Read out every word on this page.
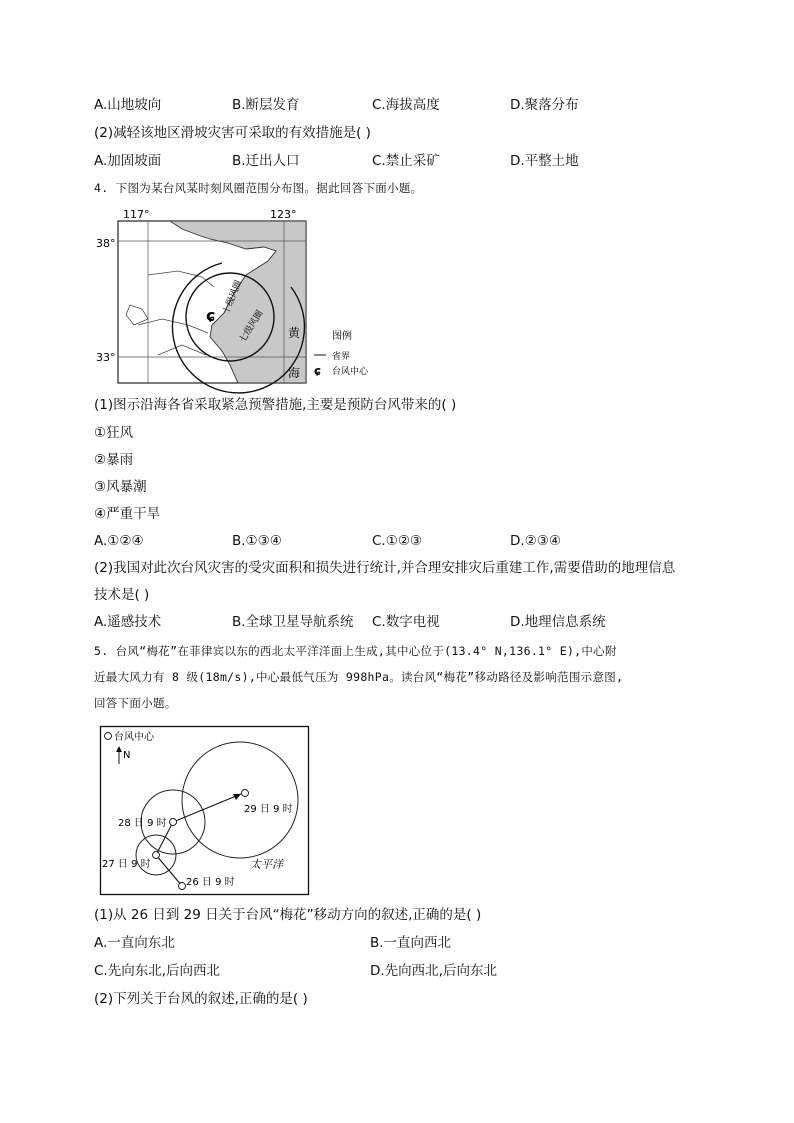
A.山地坡向	B.断层发育	C.海拔高度	D.聚落分布
(2)减轻该地区滑坡灾害可采取的有效措施是( )
A.加固坡面	B.迁出人口	C.禁止采矿	D.平整土地
4. 下图为某台风某时刻风圈范围分布图。据此回答下面小题。
117°	123°
38°
33°
七级风圈
十级风圈
ɕ
黄
海
图例
省界
ɕ 台风中心
(1)图示沿海各省采取紧急预警措施,主要是预防台风带来的( )
①狂风
②暴雨
③风暴潮
④严重干旱
A.①②④	B.①③④	C.①②③	D.②③④
(2)我国对此次台风灾害的受灾面积和损失进行统计,并合理安排灾后重建工作,需要借助的地理信息
技术是( )
A.遥感技术	B.全球卫星导航系统 C.数字电视	D.地理信息系统
5. 台风“梅花”在菲律宾以东的西北太平洋洋面上生成,其中心位于(13.4° N,136.1° E),中心附
近最大风力有 8 级(18m/s),中心最低气压为 998hPa。读台风“梅花”移动路径及影响范围示意图,
回答下面小题。
台风中心
N
26 日 9 时
27 日 9 时
28 日 9 时
29 日 9 时
太平洋
(1)从 26 日到 29 日关于台风“梅花”移动方向的叙述,正确的是( )
A.一直向东北	B.一直向西北
C.先向东北,后向西北	D.先向西北,后向东北
(2)下列关于台风的叙述,正确的是( )
